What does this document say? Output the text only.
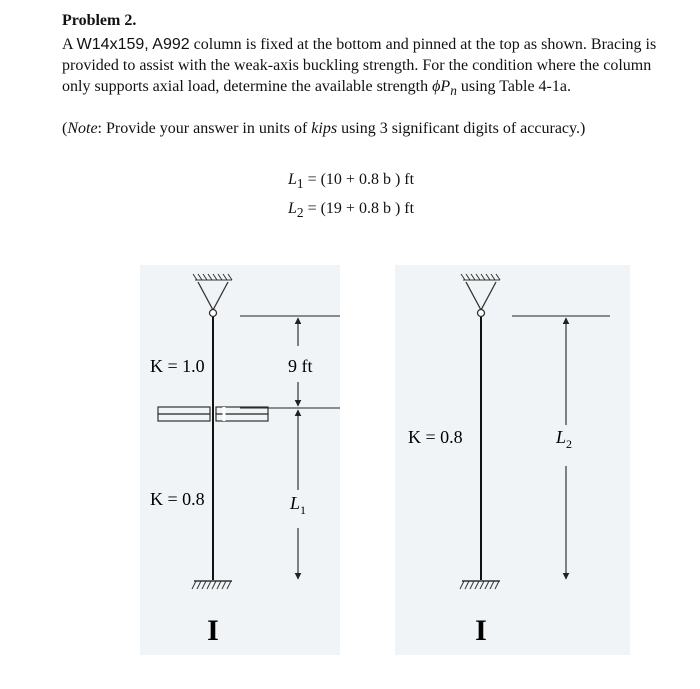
Problem 2.

A W14x159, A992 column is fixed at the bottom and pinned at the top as shown. Bracing is provided to assist with the weak-axis buckling strength. For the condition where the column only supports axial load, determine the available strength $\phi P_n$ using Table 4-1a.

(Note: Provide your answer in units of kips using 3 significant digits of accuracy.)

$L_1 = (10 + 0.8$ b ) ft
$L_2 = (19 + 0.8$ b ) ft
K = 1.0
K = 0.8
9 ft
$L_1$
I
K = 0.8	$L_2$
I
